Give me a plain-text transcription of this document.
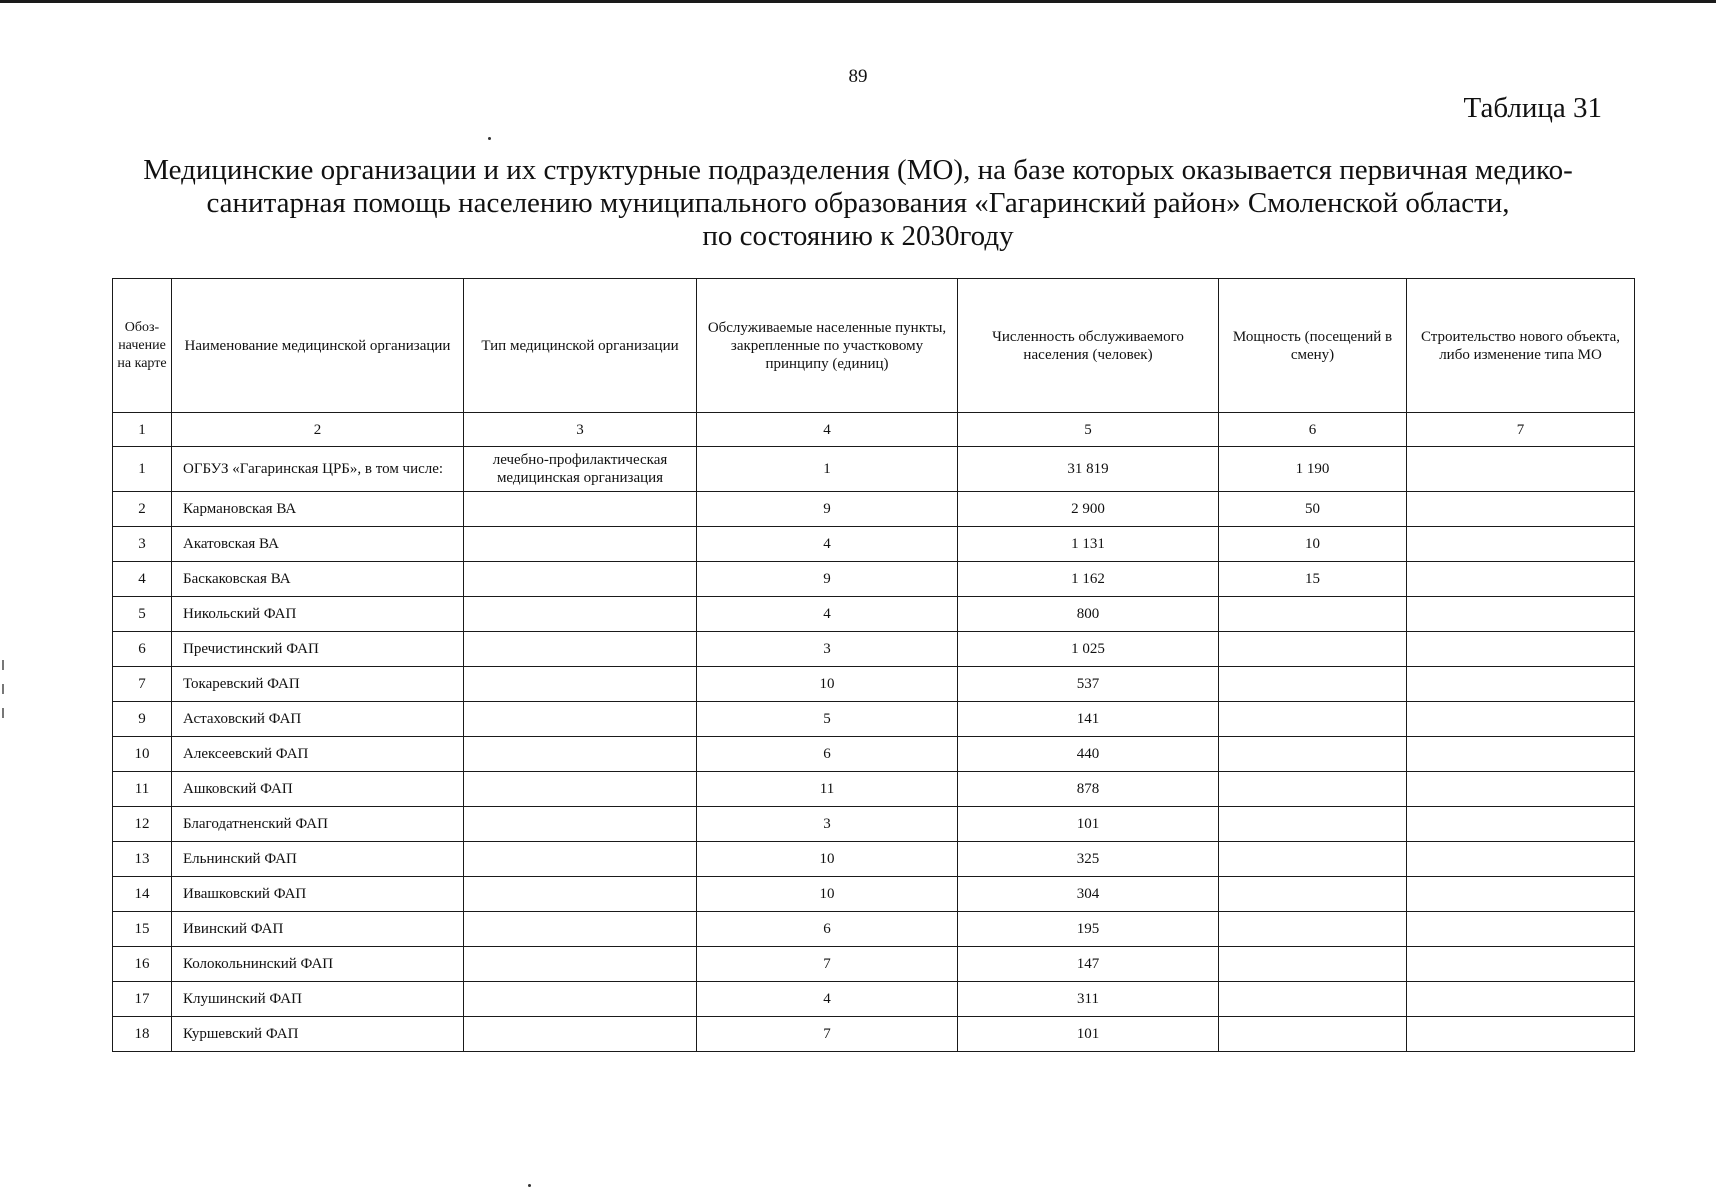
89
Таблица 31
Медицинские организации и их структурные подразделения (МО), на базе которых оказывается первичная медико-
санитарная помощь населению муниципального образования «Гагаринский район» Смоленской области,
по состоянию к 2030году
Обоз-начение на карте	Наименование медицинской организации	Тип медицинской организации	Обслуживаемые населенные пункты, закрепленные по участковому принципу (единиц)	Численность обслуживаемого населения (человек)	Мощность (посещений в смену)	Строительство нового объекта, либо изменение типа МО
1	2	3	4	5	6	7
1	ОГБУЗ «Гагаринская ЦРБ», в том числе:	лечебно-профилактическая медицинская организация	1	31 819	1 190	
2	Кармановская ВА		9	2 900	50	
3	Акатовская ВА		4	1 131	10	
4	Баскаковская ВА		9	1 162	15	
5	Никольский ФАП		4	800		
6	Пречистинский ФАП		3	1 025		
7	Токаревский ФАП		10	537		
9	Астаховский ФАП		5	141		
10	Алексеевский ФАП		6	440		
11	Ашковский ФАП		11	878		
12	Благодатненский ФАП		3	101		
13	Ельнинский ФАП		10	325		
14	Ивашковский ФАП		10	304		
15	Ивинский ФАП		6	195		
16	Колокольнинский ФАП		7	147		
17	Клушинский ФАП		4	311		
18	Куршевский ФАП		7	101		
